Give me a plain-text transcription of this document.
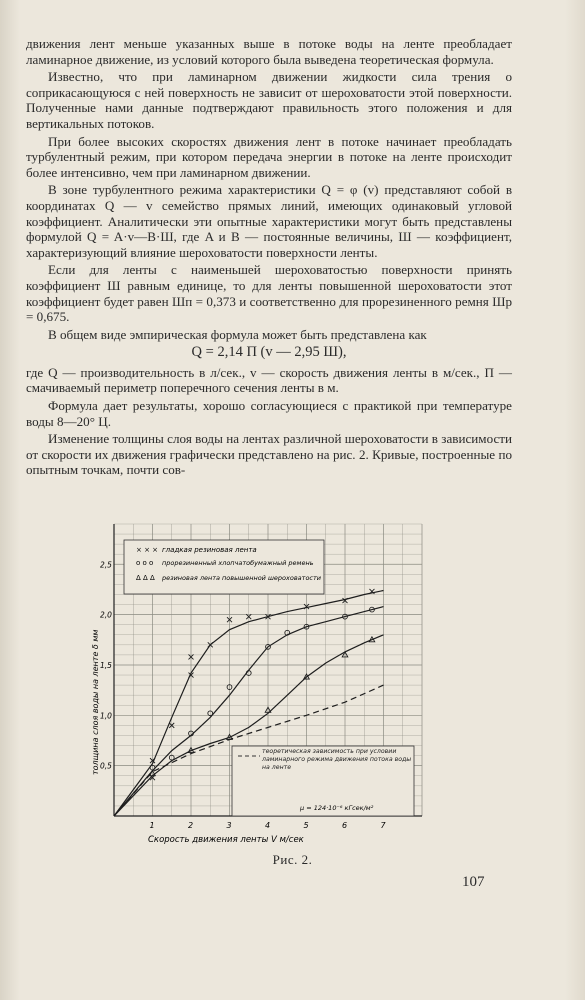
движения лент меньше указанных выше в потоке воды на ленте преобладает ламинарное движение, из условий которого была выведена теоретическая формула.

Известно, что при ламинарном движении жидкости сила трения о соприкасающуюся с ней поверхность не зависит от шероховатости этой поверхности. Полученные нами данные подтверждают правильность этого положения и для вертикальных потоков.

При более высоких скоростях движения лент в потоке начинает преобладать турбулентный режим, при котором передача энергии в потоке на ленте происходит более интенсивно, чем при ламинарном движении.

В зоне турбулентного режима характеристики Q = φ (v) представляют собой в координатах Q — v семейство прямых линий, имеющих одинаковый угловой коэффициент. Аналитически эти опытные характеристики могут быть представлены формулой Q = A·v—B·Ш, где A и B — постоянные величины, Ш — коэффициент, характеризующий влияние шероховатости поверхности ленты.

Если для ленты с наименьшей шероховатостью поверхности принять коэффициент Ш равным единице, то для ленты повышенной шероховатости этот коэффициент будет равен Шп = 0,373 и соответственно для прорезиненного ремня Шр = 0,675.

В общем виде эмпирическая формула может быть представлена как

Q = 2,14 П (v — 2,95 Ш),

где Q — производительность в л/сек., v — скорость движения ленты в м/сек., П — смачиваемый периметр поперечного сечения ленты в м.

Формула дает результаты, хорошо согласующиеся с практикой при температуре воды 8—20° Ц.

Изменение толщины слоя воды на лентах различной шероховатости в зависимости от скорости их движения графически представлено на рис. 2. Кривые, построенные по опытным точкам, почти сов-

1	2	3	4	5	6	7
0,5
1,0
1,5
2,0
2,5
× × × гладкая резиновая лента
o o o прорезиненный хлопчатобумажный ремень
Δ Δ Δ резиновая лента повышенной шероховатости
теоретическая зависимость при условии ламинарного режима движения потока воды на ленте
μ = 124·10⁻⁶ кГсек/м²
Скорость движения ленты V м/сек
толщина слоя воды на ленте δ мм
Рис. 2.
107
